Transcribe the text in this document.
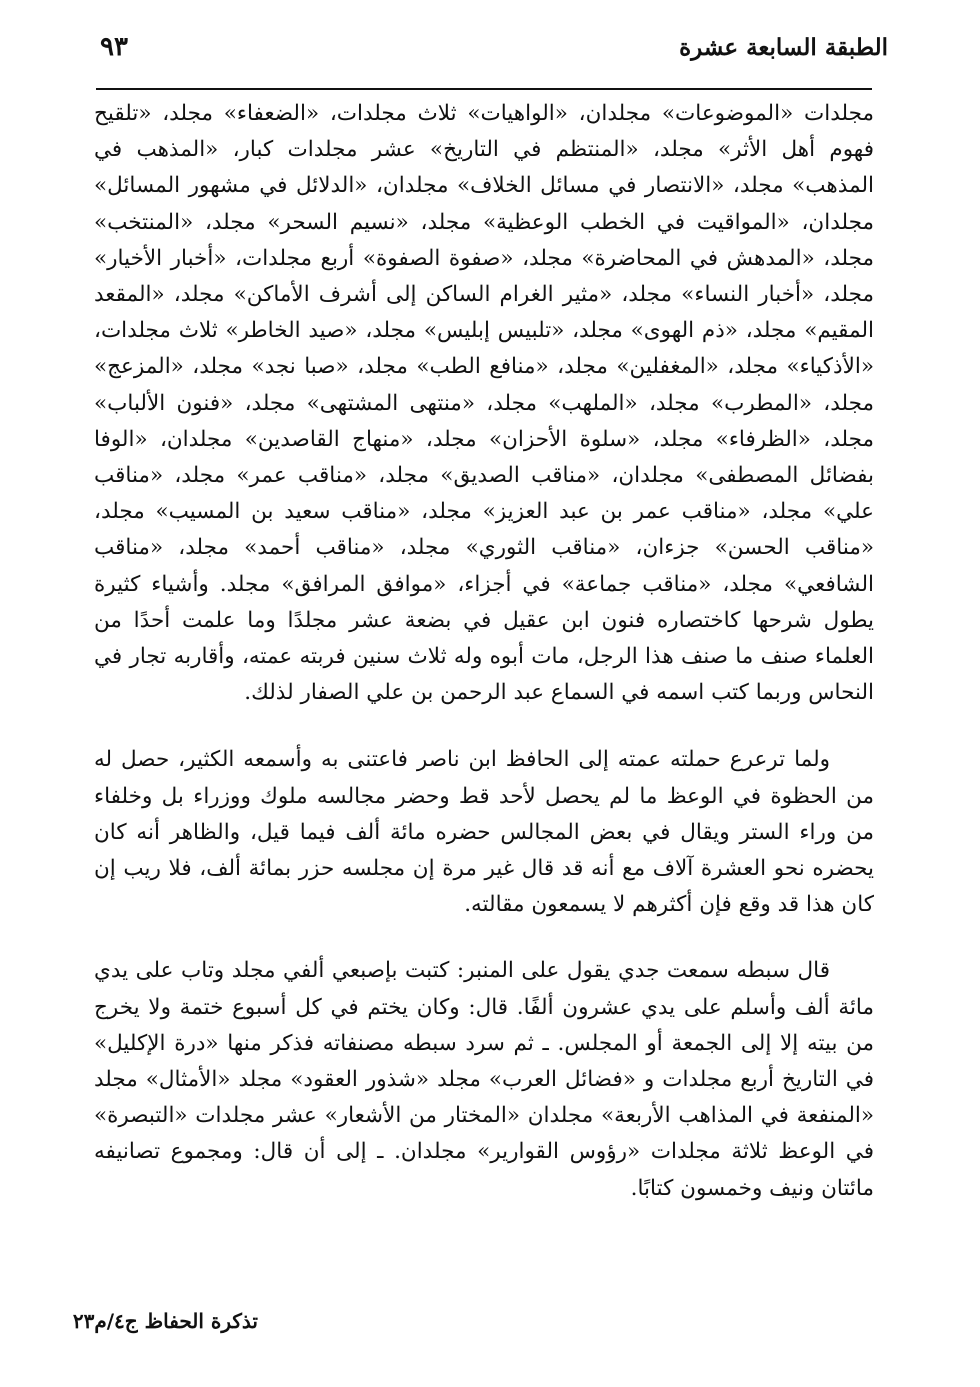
الطبقة السابعة عشرة
٩٣

مجلدات «الموضوعات» مجلدان، «الواهيات» ثلاث مجلدات، «الضعفاء» مجلد، «تلقيح فهوم أهل الأثر» مجلد، «المنتظم في التاريخ» عشر مجلدات كبار، «المذهب في المذهب» مجلد، «الانتصار في مسائل الخلاف» مجلدان، «الدلائل في مشهور المسائل» مجلدان، «المواقيت في الخطب الوعظية» مجلد، «نسيم السحر» مجلد، «المنتخب» مجلد، «المدهش في المحاضرة» مجلد، «صفوة الصفوة» أربع مجلدات، «أخبار الأخيار» مجلد، «أخبار النساء» مجلد، «مثير الغرام الساكن إلى أشرف الأماكن» مجلد، «المقعد المقيم» مجلد، «ذم الهوى» مجلد، «تلبيس إبليس» مجلد، «صيد الخاطر» ثلاث مجلدات، «الأذكياء» مجلد، «المغفلين» مجلد، «منافع الطب» مجلد، «صبا نجد» مجلد، «المزعج» مجلد، «المطرب» مجلد، «الملهب» مجلد، «منتهى المشتهى» مجلد، «فنون الألباب» مجلد، «الظرفاء» مجلد، «سلوة الأحزان» مجلد، «منهاج القاصدين» مجلدان، «الوفا بفضائل المصطفى» مجلدان، «مناقب الصديق» مجلد، «مناقب عمر» مجلد، «مناقب علي» مجلد، «مناقب عمر بن عبد العزيز» مجلد، «مناقب سعيد بن المسيب» مجلد، «مناقب الحسن» جزءان، «مناقب الثوري» مجلد، «مناقب أحمد» مجلد، «مناقب الشافعي» مجلد، «مناقب جماعة» في أجزاء، «موافق المرافق» مجلد. وأشياء كثيرة يطول شرحها كاختصاره فنون ابن عقيل في بضعة عشر مجلدًا وما علمت أحدًا من العلماء صنف ما صنف هذا الرجل، مات أبوه وله ثلاث سنين فربته عمته، وأقاربه تجار في النحاس وربما كتب اسمه في السماع عبد الرحمن بن علي الصفار لذلك.

ولما ترعرع حملته عمته إلى الحافظ ابن ناصر فاعتنى به وأسمعه الكثير، حصل له من الحظوة في الوعظ ما لم يحصل لأحد قط وحضر مجالسه ملوك ووزراء بل وخلفاء من وراء الستر ويقال في بعض المجالس حضره مائة ألف فيما قيل، والظاهر أنه كان يحضره نحو العشرة آلاف مع أنه قد قال غير مرة إن مجلسه حزر بمائة ألف، فلا ريب إن كان هذا قد وقع فإن أكثرهم لا يسمعون مقالته.

قال سبطه سمعت جدي يقول على المنبر: كتبت بإصبعي ألفي مجلد وتاب على يدي مائة ألف وأسلم على يدي عشرون ألفًا. قال: وكان يختم في كل أسبوع ختمة ولا يخرج من بيته إلا إلى الجمعة أو المجلس. ـ ثم سرد سبطه مصنفاته فذكر منها «درة الإكليل» في التاريخ أربع مجلدات و «فضائل العرب» مجلد «شذور العقود» مجلد «الأمثال» مجلد «المنفعة في المذاهب الأربعة» مجلدان «المختار من الأشعار» عشر مجلدات «التبصرة» في الوعظ ثلاثة مجلدات «رؤوس القوارير» مجلدان. ـ إلى أن قال: ومجموع تصانيفه مائتان ونيف وخمسون كتابًا.

تذكرة الحفاظ ج٤/م٢٣
